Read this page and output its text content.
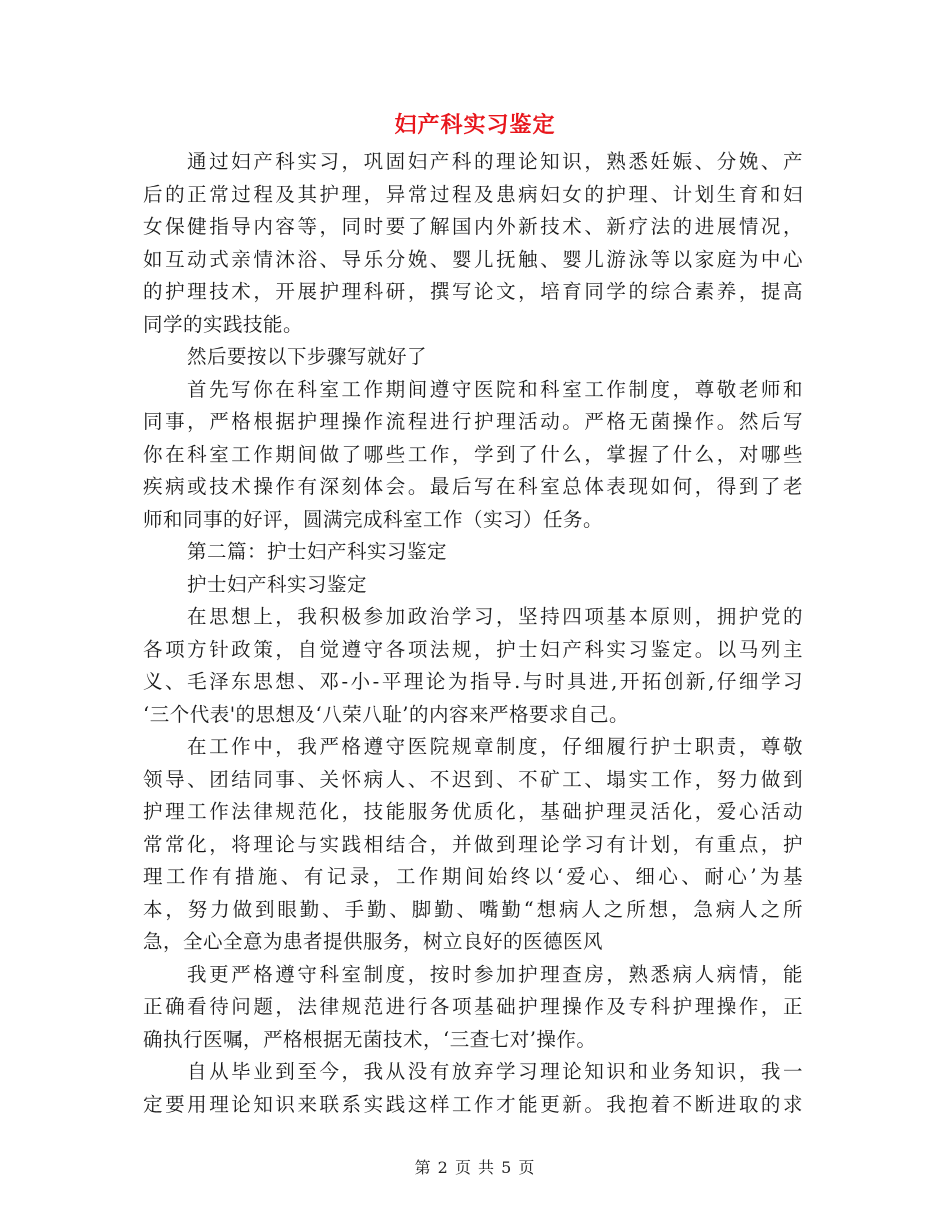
妇产科实习鉴定
通过妇产科实习，巩固妇产科的理论知识，熟悉妊娠、分娩、产
后的正常过程及其护理，异常过程及患病妇女的护理、计划生育和妇
女保健指导内容等，同时要了解国内外新技术、新疗法的进展情况，
如互动式亲情沐浴、导乐分娩、婴儿抚触、婴儿游泳等以家庭为中心
的护理技术，开展护理科研，撰写论文，培育同学的综合素养，提高
同学的实践技能。
然后要按以下步骤写就好了
首先写你在科室工作期间遵守医院和科室工作制度，尊敬老师和
同事，严格根据护理操作流程进行护理活动。严格无菌操作。然后写
你在科室工作期间做了哪些工作，学到了什么，掌握了什么，对哪些
疾病或技术操作有深刻体会。最后写在科室总体表现如何，得到了老
师和同事的好评，圆满完成科室工作（实习）任务。
第二篇：护士妇产科实习鉴定
护士妇产科实习鉴定
在思想上，我积极参加政治学习，坚持四项基本原则，拥护党的
各项方针政策，自觉遵守各项法规，护士妇产科实习鉴定。以马列主
义、毛泽东思想、邓-小-平理论为指导.与时具进,开拓创新,仔细学习
‘三个代表'的思想及‘八荣八耻’的内容来严格要求自己。
在工作中，我严格遵守医院规章制度，仔细履行护士职责，尊敬
领导、团结同事、关怀病人、不迟到、不矿工、塌实工作，努力做到
护理工作法律规范化，技能服务优质化，基础护理灵活化，爱心活动
常常化，将理论与实践相结合，并做到理论学习有计划，有重点，护
理工作有措施、有记录，工作期间始终以‘爱心、细心、耐心’为基
本，努力做到眼勤、手勤、脚勤、嘴勤“想病人之所想，急病人之所
急，全心全意为患者提供服务，树立良好的医德医风
我更严格遵守科室制度，按时参加护理查房，熟悉病人病情，能
正确看待问题，法律规范进行各项基础护理操作及专科护理操作，正
确执行医嘱，严格根据无菌技术，‘三查七对’操作。
自从毕业到至今，我从没有放弃学习理论知识和业务知识，我一
定要用理论知识来联系实践这样工作才能更新。我抱着不断进取的求
第 2 页 共 5 页
